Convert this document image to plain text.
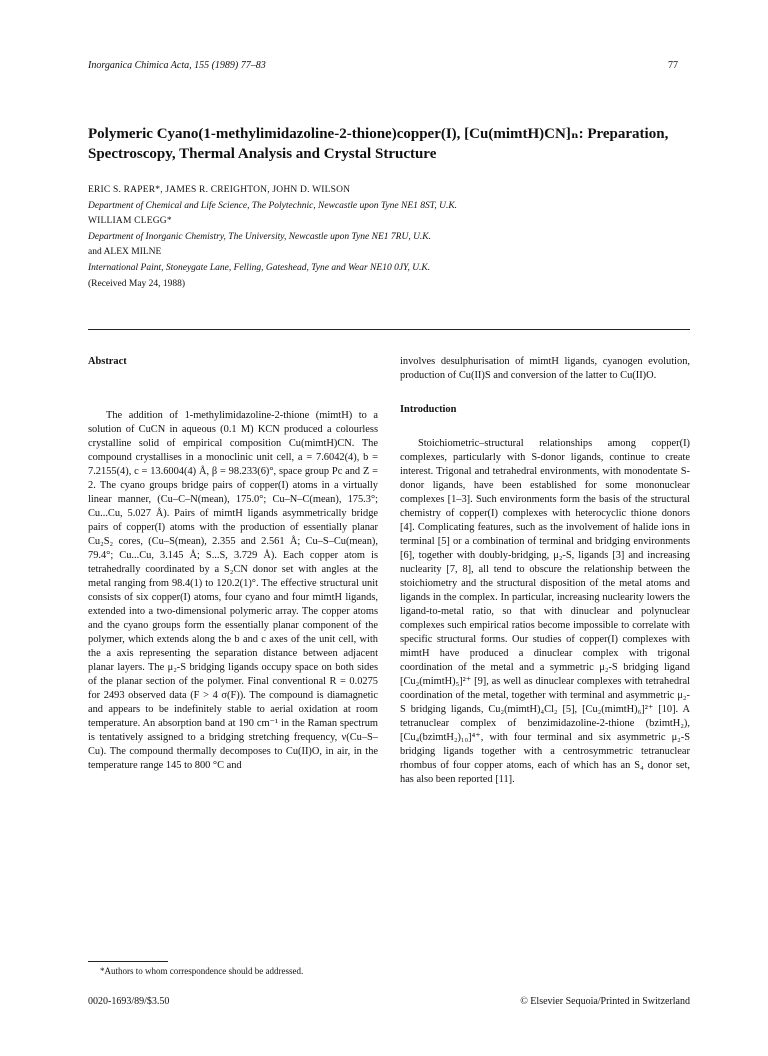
Inorganica Chimica Acta, 155 (1989) 77–83	77
Polymeric Cyano(1-methylimidazoline-2-thione)copper(I), [Cu(mimtH)CN]ₙ: Preparation, Spectroscopy, Thermal Analysis and Crystal Structure
ERIC S. RAPER*, JAMES R. CREIGHTON, JOHN D. WILSON
Department of Chemical and Life Science, The Polytechnic, Newcastle upon Tyne NE1 8ST, U.K.
WILLIAM CLEGG*
Department of Inorganic Chemistry, The University, Newcastle upon Tyne NE1 7RU, U.K.
and ALEX MILNE
International Paint, Stoneygate Lane, Felling, Gateshead, Tyne and Wear NE10 0JY, U.K.
(Received May 24, 1988)
Abstract

The addition of 1-methylimidazoline-2-thione (mimtH) to a solution of CuCN in aqueous (0.1 M) KCN produced a colourless crystalline solid of empirical composition Cu(mimtH)CN. The compound crystallises in a monoclinic unit cell, a = 7.6042(4), b = 7.2155(4), c = 13.6004(4) Å, β = 98.233(6)°, space group Pc and Z = 2. The cyano groups bridge pairs of copper(I) atoms in a virtually linear manner, (Cu–C–N(mean), 175.0°; Cu–N–C(mean), 175.3°; Cu...Cu, 5.027 Å). Pairs of mimtH ligands asymmetrically bridge pairs of copper(I) atoms with the production of essentially planar Cu₂S₂ cores, (Cu–S(mean), 2.355 and 2.561 Å; Cu–S–Cu(mean), 79.4°; Cu...Cu, 3.145 Å; S...S, 3.729 Å). Each copper atom is tetrahedrally coordinated by a S₂CN donor set with angles at the metal ranging from 98.4(1) to 120.2(1)°. The effective structural unit consists of six copper(I) atoms, four cyano and four mimtH ligands, extended into a two-dimensional polymeric array. The copper atoms and the cyano groups form the essentially planar component of the polymer, which extends along the b and c axes of the unit cell, with the a axis representing the separation distance between adjacent planar layers. The μ₂-S bridging ligands occupy space on both sides of the planar section of the polymer. Final conventional R = 0.0275 for 2493 observed data (F > 4 σ(F)). The compound is diamagnetic and appears to be indefinitely stable to aerial oxidation at room temperature. An absorption band at 190 cm⁻¹ in the Raman spectrum is tentatively assigned to a bridging stretching frequency, ν(Cu–S–Cu). The compound thermally decomposes to Cu(II)O, in air, in the temperature range 145 to 800 °C and

involves desulphurisation of mimtH ligands, cyanogen evolution, production of Cu(II)S and conversion of the latter to Cu(II)O.

Introduction

Stoichiometric–structural relationships among copper(I) complexes, particularly with S-donor ligands, continue to create interest. Trigonal and tetrahedral environments, with monodentate S-donor ligands, have been established for some mononuclear complexes [1–3]. Such environments form the basis of the structural chemistry of copper(I) complexes with heterocyclic thione donors [4]. Complicating features, such as the involvement of halide ions in terminal [5] or a combination of terminal and bridging environments [6], together with doubly-bridging, μ₂-S, ligands [3] and increasing nuclearity [7, 8], all tend to obscure the relationship between the stoichiometry and the structural disposition of the metal atoms and ligands in the complex. In particular, increasing nuclearity lowers the ligand-to-metal ratio, so that with dinuclear and polynuclear complexes such empirical ratios become impossible to correlate with specific structural forms. Our studies of copper(I) complexes with mimtH have produced a dinuclear complex with trigonal coordination of the metal and a symmetric μ₂-S bridging ligand [Cu₂(mimtH)₅]²⁺ [9], as well as dinuclear complexes with tetrahedral coordination of the metal, together with terminal and asymmetric μ₂-S bridging ligands, Cu₂(mimtH)₄Cl₂ [5], [Cu₂(mimtH)₆]²⁺ [10]. A tetranuclear complex of benzimidazoline-2-thione (bzimtH₂), [Cu₄(bzimtH₂)₁₀]⁴⁺, with four terminal and six asymmetric μ₂-S bridging ligands together with a centrosymmetric tetranuclear rhombus of four copper atoms, each of which has an S₄ donor set, has also been reported [11].

*Authors to whom correspondence should be addressed.
0020-1693/89/$3.50	© Elsevier Sequoia/Printed in Switzerland
